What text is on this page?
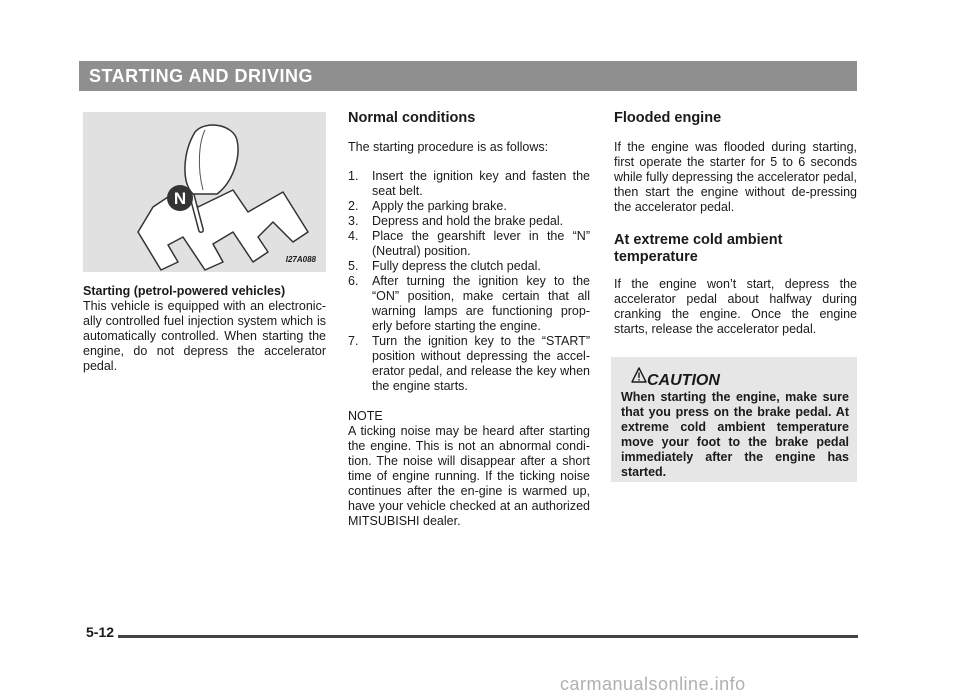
STARTING AND DRIVING
N
I27A088

Starting (petrol-powered vehicles)

This vehicle is equipped with an electronic-ally controlled fuel injection system which is automatically controlled. When starting the engine, do not depress the accelerator pedal.

Normal conditions

The starting procedure is as follows:

1. Insert the ignition key and fasten the seat belt.
2. Apply the parking brake.
3. Depress and hold the brake pedal.
4. Place the gearshift lever in the “N” (Neutral) position.
5. Fully depress the clutch pedal.
6. After turning the ignition key to the “ON” position, make certain that all warning lamps are functioning prop-erly before starting the engine.
7. Turn the ignition key to the “START” position without depressing the accel-erator pedal, and release the key when the engine starts.

NOTE

A ticking noise may be heard after starting the engine. This is not an abnormal condi-tion. The noise will disappear after a short time of engine running. If the ticking noise continues after the en-gine is warmed up, have your vehicle checked at an authorized MITSUBISHI dealer.

Flooded engine

If the engine was flooded during starting, first operate the starter for 5 to 6 seconds while fully depressing the accelerator pedal, then start the engine without de-pressing the accelerator pedal.

At extreme cold ambient temperature

If the engine won’t start, depress the accelerator pedal about halfway during cranking the engine. Once the engine starts, release the accelerator pedal.

CAUTION
When starting the engine, make sure that you press on the brake pedal. At extreme cold ambient temperature move your foot to the brake pedal immediately after the engine has started.
5-12
carmanualsonline.info
